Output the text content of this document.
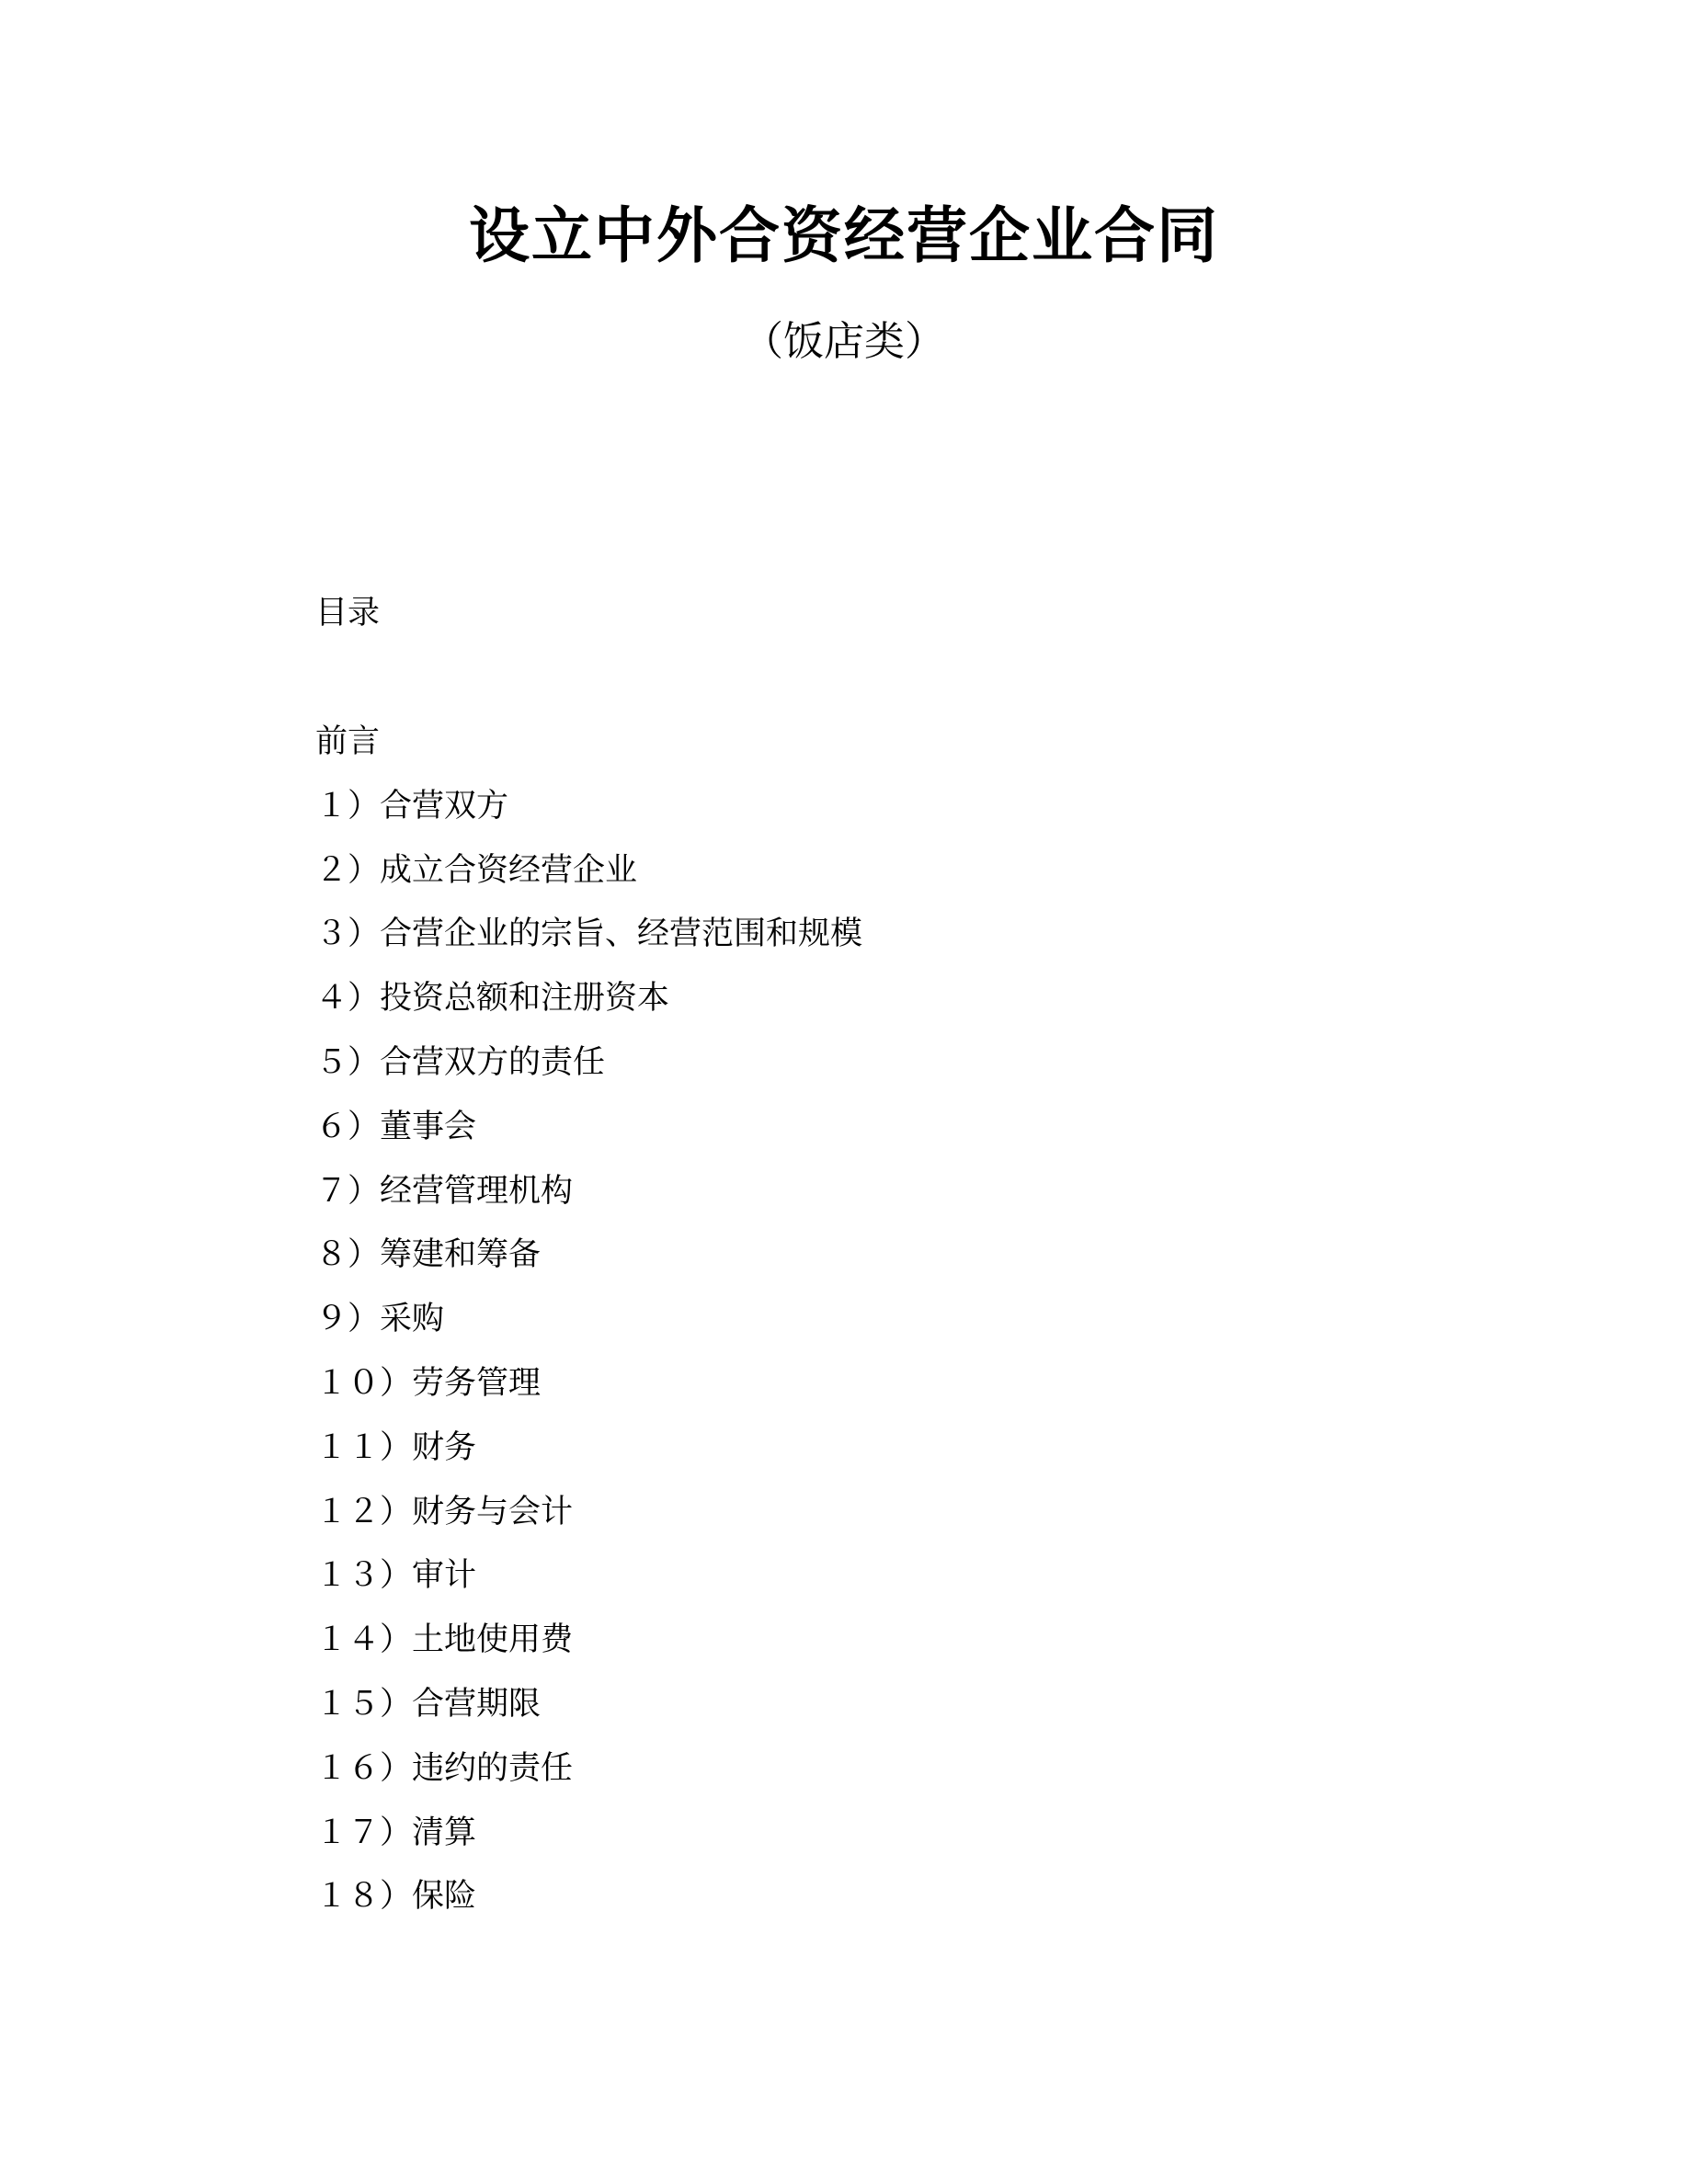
设立中外合资经营企业合同
（饭店类）
目录
前言
１）合营双方
２）成立合资经营企业
３）合营企业的宗旨、经营范围和规模
４）投资总额和注册资本
５）合营双方的责任
６）董事会
７）经营管理机构
８）筹建和筹备
９）采购
１０）劳务管理
１１）财务
１２）财务与会计
１３）审计
１４）土地使用费
１５）合营期限
１６）违约的责任
１７）清算
１８）保险
